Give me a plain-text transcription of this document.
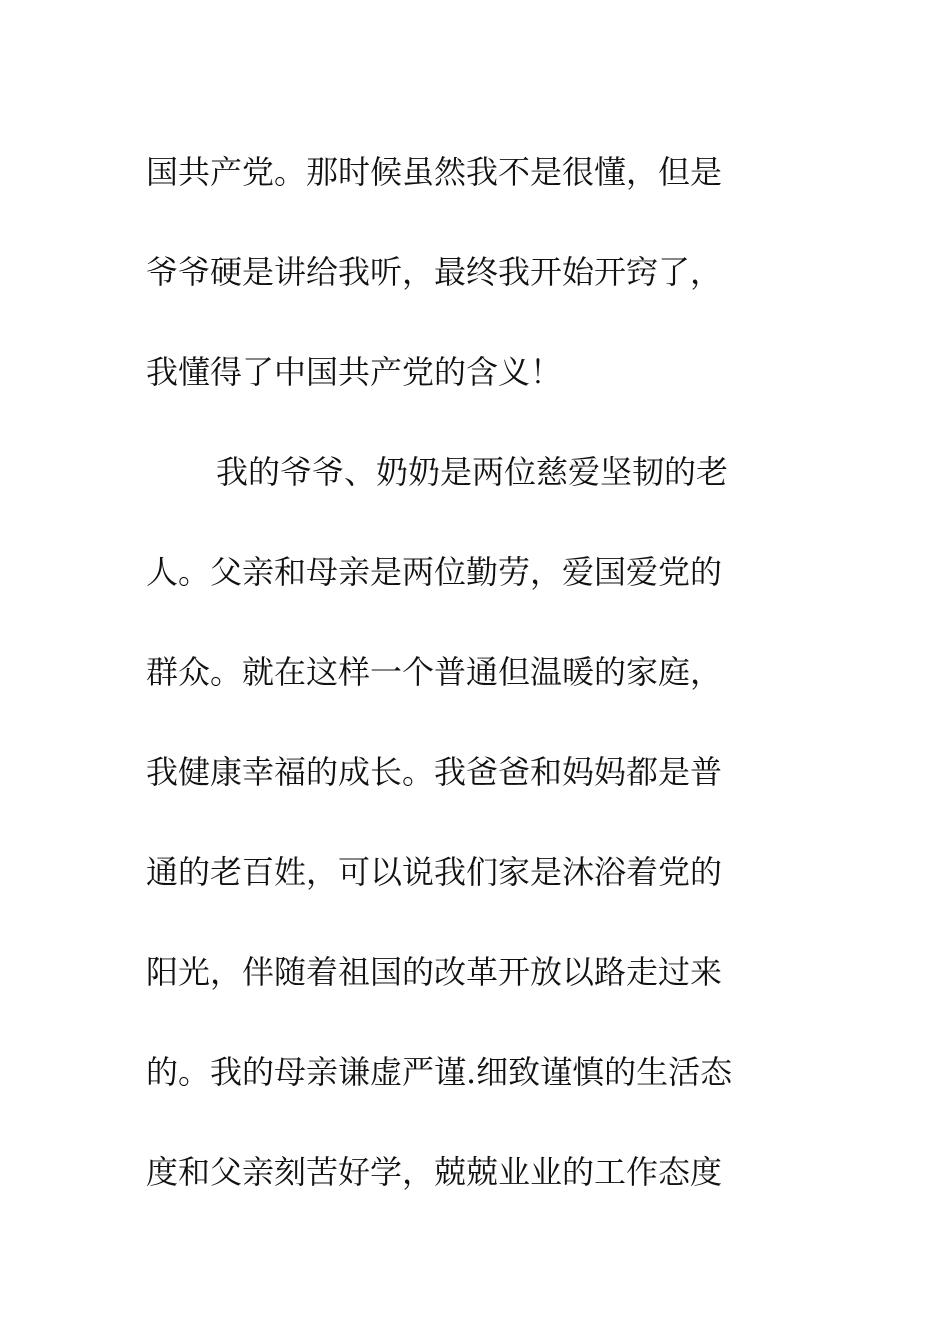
国共产党。那时候虽然我不是很懂，但是

爷爷硬是讲给我听，最终我开始开窍了，

我懂得了中国共产党的含义！

我的爷爷、奶奶是两位慈爱坚韧的老

人。父亲和母亲是两位勤劳，爱国爱党的

群众。就在这样一个普通但温暖的家庭，

我健康幸福的成长。我爸爸和妈妈都是普

通的老百姓，可以说我们家是沐浴着党的

阳光，伴随着祖国的改革开放以路走过来

的。我的母亲谦虚严谨.细致谨慎的生活态

度和父亲刻苦好学，兢兢业业的工作态度
